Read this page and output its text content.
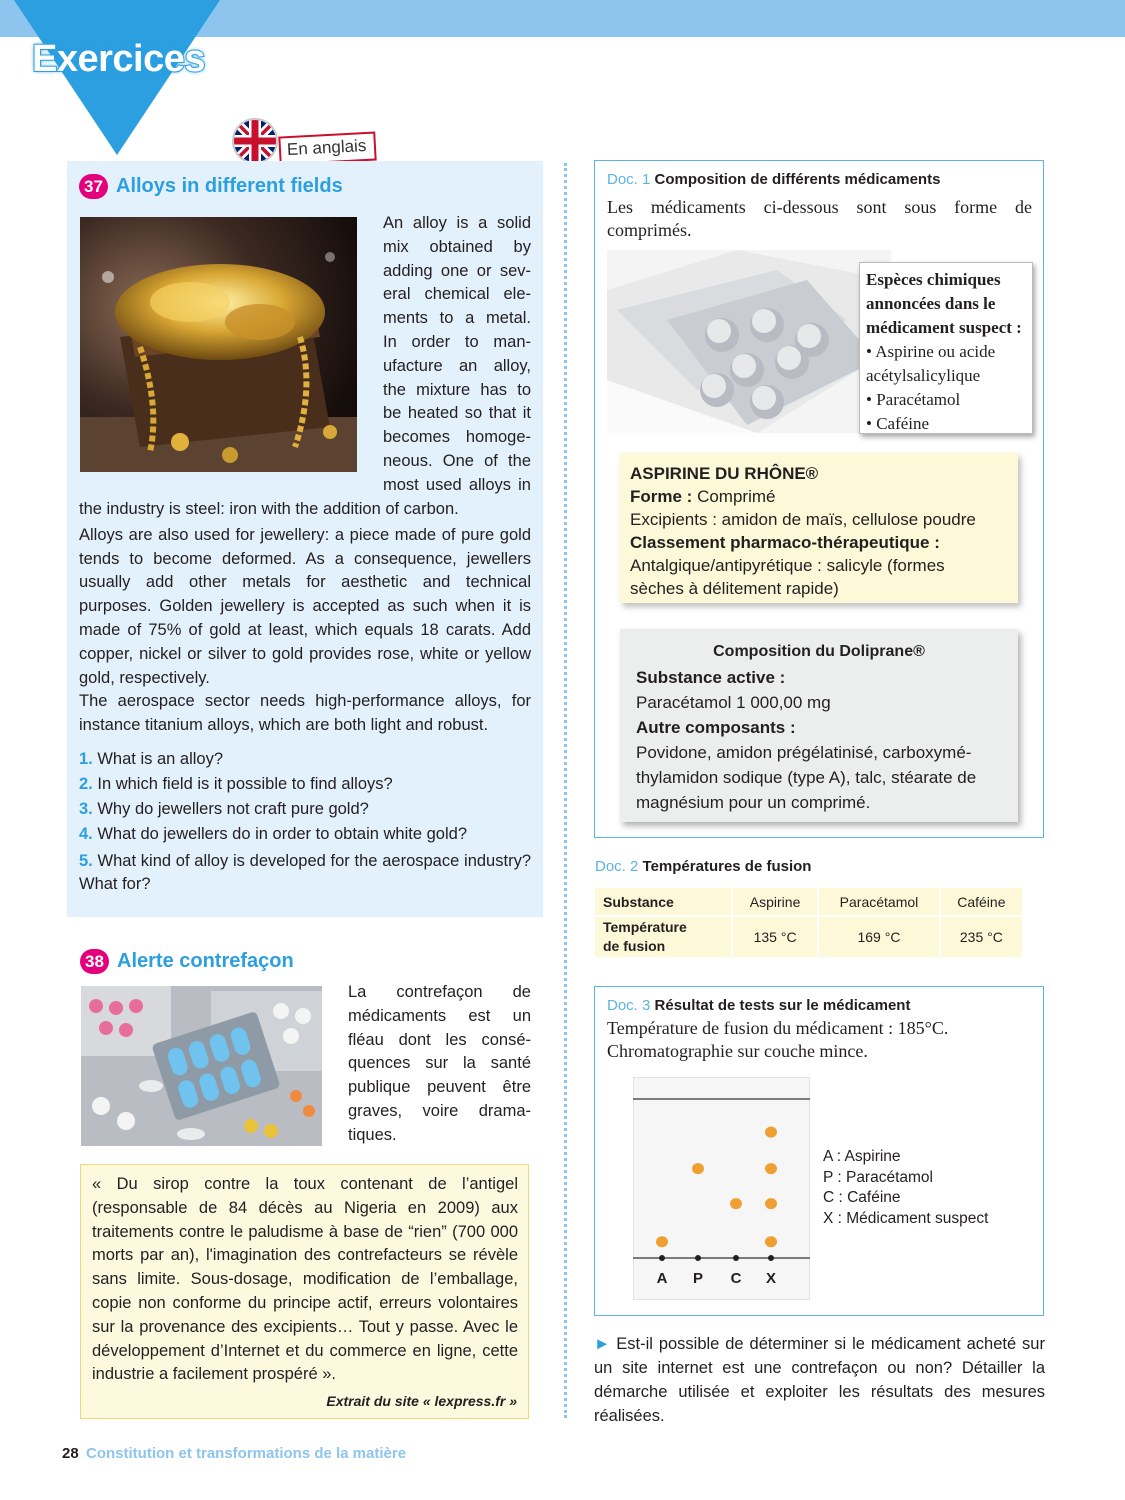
Exercices
En anglais
37 Alloys in different fields
An alloy is a solid
mix obtained by
adding one or sev-
eral chemical ele-
ments to a metal.
In order to man-
ufacture an alloy,
the mixture has to
be heated so that it
becomes homoge-
neous. One of the
most used alloys in
the industry is steel: iron with the addition of carbon.
Alloys are also used for jewellery: a piece made of pure gold tends to become deformed. As a consequence, jewellers usually add other metals for aesthetic and technical purposes. Golden jewellery is accepted as such when it is made of 75% of gold at least, which equals 18 carats. Add copper, nickel or silver to gold provides rose, white or yellow gold, respectively.
The aerospace sector needs high-performance alloys, for instance titanium alloys, which are both light and robust.
1. What is an alloy?
2. In which field is it possible to find alloys?
3. Why do jewellers not craft pure gold?
4. What do jewellers do in order to obtain white gold?
5. What kind of alloy is developed for the aerospace industry? What for?
38 Alerte contrefaçon
La contrefaçon de
médicaments est un
fléau dont les consé-
quences sur la santé
publique peuvent être
graves, voire drama-
tiques.
« Du sirop contre la toux contenant de l’antigel (responsable de 84 décès au Nigeria en 2009) aux traitements contre le paludisme à base de “rien” (700 000 morts par an), l'imagination des contrefacteurs se révèle sans limite. Sous-dosage, modification de l’emballage, copie non conforme du principe actif, erreurs volontaires sur la provenance des excipients… Tout y passe. Avec le développement d’Internet et du commerce en ligne, cette industrie a facilement prospéré ».
Extrait du site « lexpress.fr »
Doc. 1 Composition de différents médicaments
Les médicaments ci-dessous sont sous forme de comprimés.
Espèces chimiques
annoncées dans le
médicament suspect :
• Aspirine ou acide
acétylsalicylique
• Paracétamol
• Caféine
ASPIRINE DU RHÔNE®
Forme : Comprimé
Excipients : amidon de maïs, cellulose poudre
Classement pharmaco-thérapeutique :
Antalgique/antipyrétique : salicyle (formes
sèches à délitement rapide)
Composition du Doliprane®
Substance active :
Paracétamol 1 000,00 mg
Autre composants :
Povidone, amidon prégélatinisé, carboxymé-
thylamidon sodique (type A), talc, stéarate de
magnésium pour un comprimé.
Doc. 2 Températures de fusion
Substance	Aspirine	Paracétamol	Caféine

Température
de fusion	135 °C	169 °C	235 °C
Doc. 3 Résultat de tests sur le médicament
Température de fusion du médicament : 185°C.
Chromatographie sur couche mince.
A P C X
A : Aspirine
P : Paracétamol
C : Caféine
X : Médicament suspect
► Est-il possible de déterminer si le médicament acheté sur un site internet est une contrefaçon ou non? Détailler la démarche utilisée et exploiter les résultats des mesures réalisées.
28 Constitution et transformations de la matière
